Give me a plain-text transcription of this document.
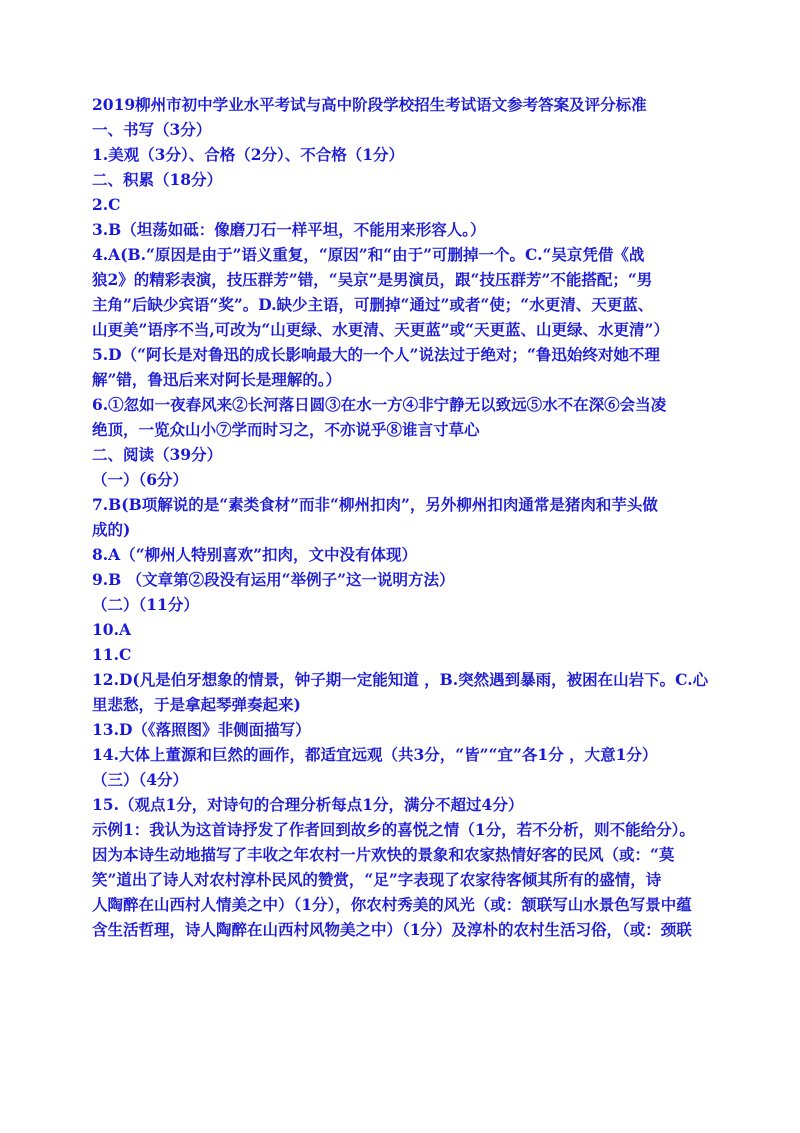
2019柳州市初中学业水平考试与高中阶段学校招生考试语文参考答案及评分标准

一、书写（3分）

1.美观（3分）、合格（2分）、不合格（1分）

二、积累（18分）

2.C

3.B（坦荡如砥：像磨刀石一样平坦，不能用来形容人。）

4.A(B.“原因是由于”语义重复，“原因”和“由于”可删掉一个。C.“吴京凭借《战

狼2》的精彩表演，技压群芳”错，“吴京”是男演员，跟“技压群芳”不能搭配；“男

主角”后缺少宾语“奖”。D.缺少主语，可删掉“通过”或者“使；“水更清、天更蓝、

山更美”语序不当,可改为“山更绿、水更清、天更蓝”或“天更蓝、山更绿、水更清”）

5.D（“阿长是对鲁迅的成长影响最大的一个人”说法过于绝对；“鲁迅始终对她不理

解”错，鲁迅后来对阿长是理解的。）

6.①忽如一夜春风来②长河落日圆③在水一方④非宁静无以致远⑤水不在深⑥会当凌

绝顶，一览众山小⑦学而时习之，不亦说乎⑧谁言寸草心

二、阅读（39分）

（一）（6分）

7.B(B项解说的是“素类食材”而非“柳州扣肉”，另外柳州扣肉通常是猪肉和芋头做

成的)

8.A（“柳州人特别喜欢”扣肉，文中没有体现）

9.B （文章第②段没有运用“举例子”这一说明方法）

（二）（11分）

10.A

11.C

12.D(凡是伯牙想象的情景，钟子期一定能知道 ，B.突然遇到暴雨，被困在山岩下。C.心

里悲愁，于是拿起琴弹奏起来)

13.D（《落照图》非侧面描写）

14.大体上董源和巨然的画作，都适宜远观（共3分，“皆”“宜”各1分 ，大意1分）

（三）（4分）

15.（观点1分，对诗句的合理分析每点1分，满分不超过4分）

示例1：我认为这首诗抒发了作者回到故乡的喜悦之情（1分，若不分析，则不能给分）。

因为本诗生动地描写了丰收之年农村一片欢快的景象和农家热情好客的民风（或：“莫

笑”道出了诗人对农村淳朴民风的赞赏，“足”字表现了农家待客倾其所有的盛情，诗

人陶醉在山西村人情美之中）（1分），你农村秀美的风光（或：颔联写山水景色写景中蕴

含生活哲理，诗人陶醉在山西村风物美之中）（1分）及淳朴的农村生活习俗，（或：颈联
